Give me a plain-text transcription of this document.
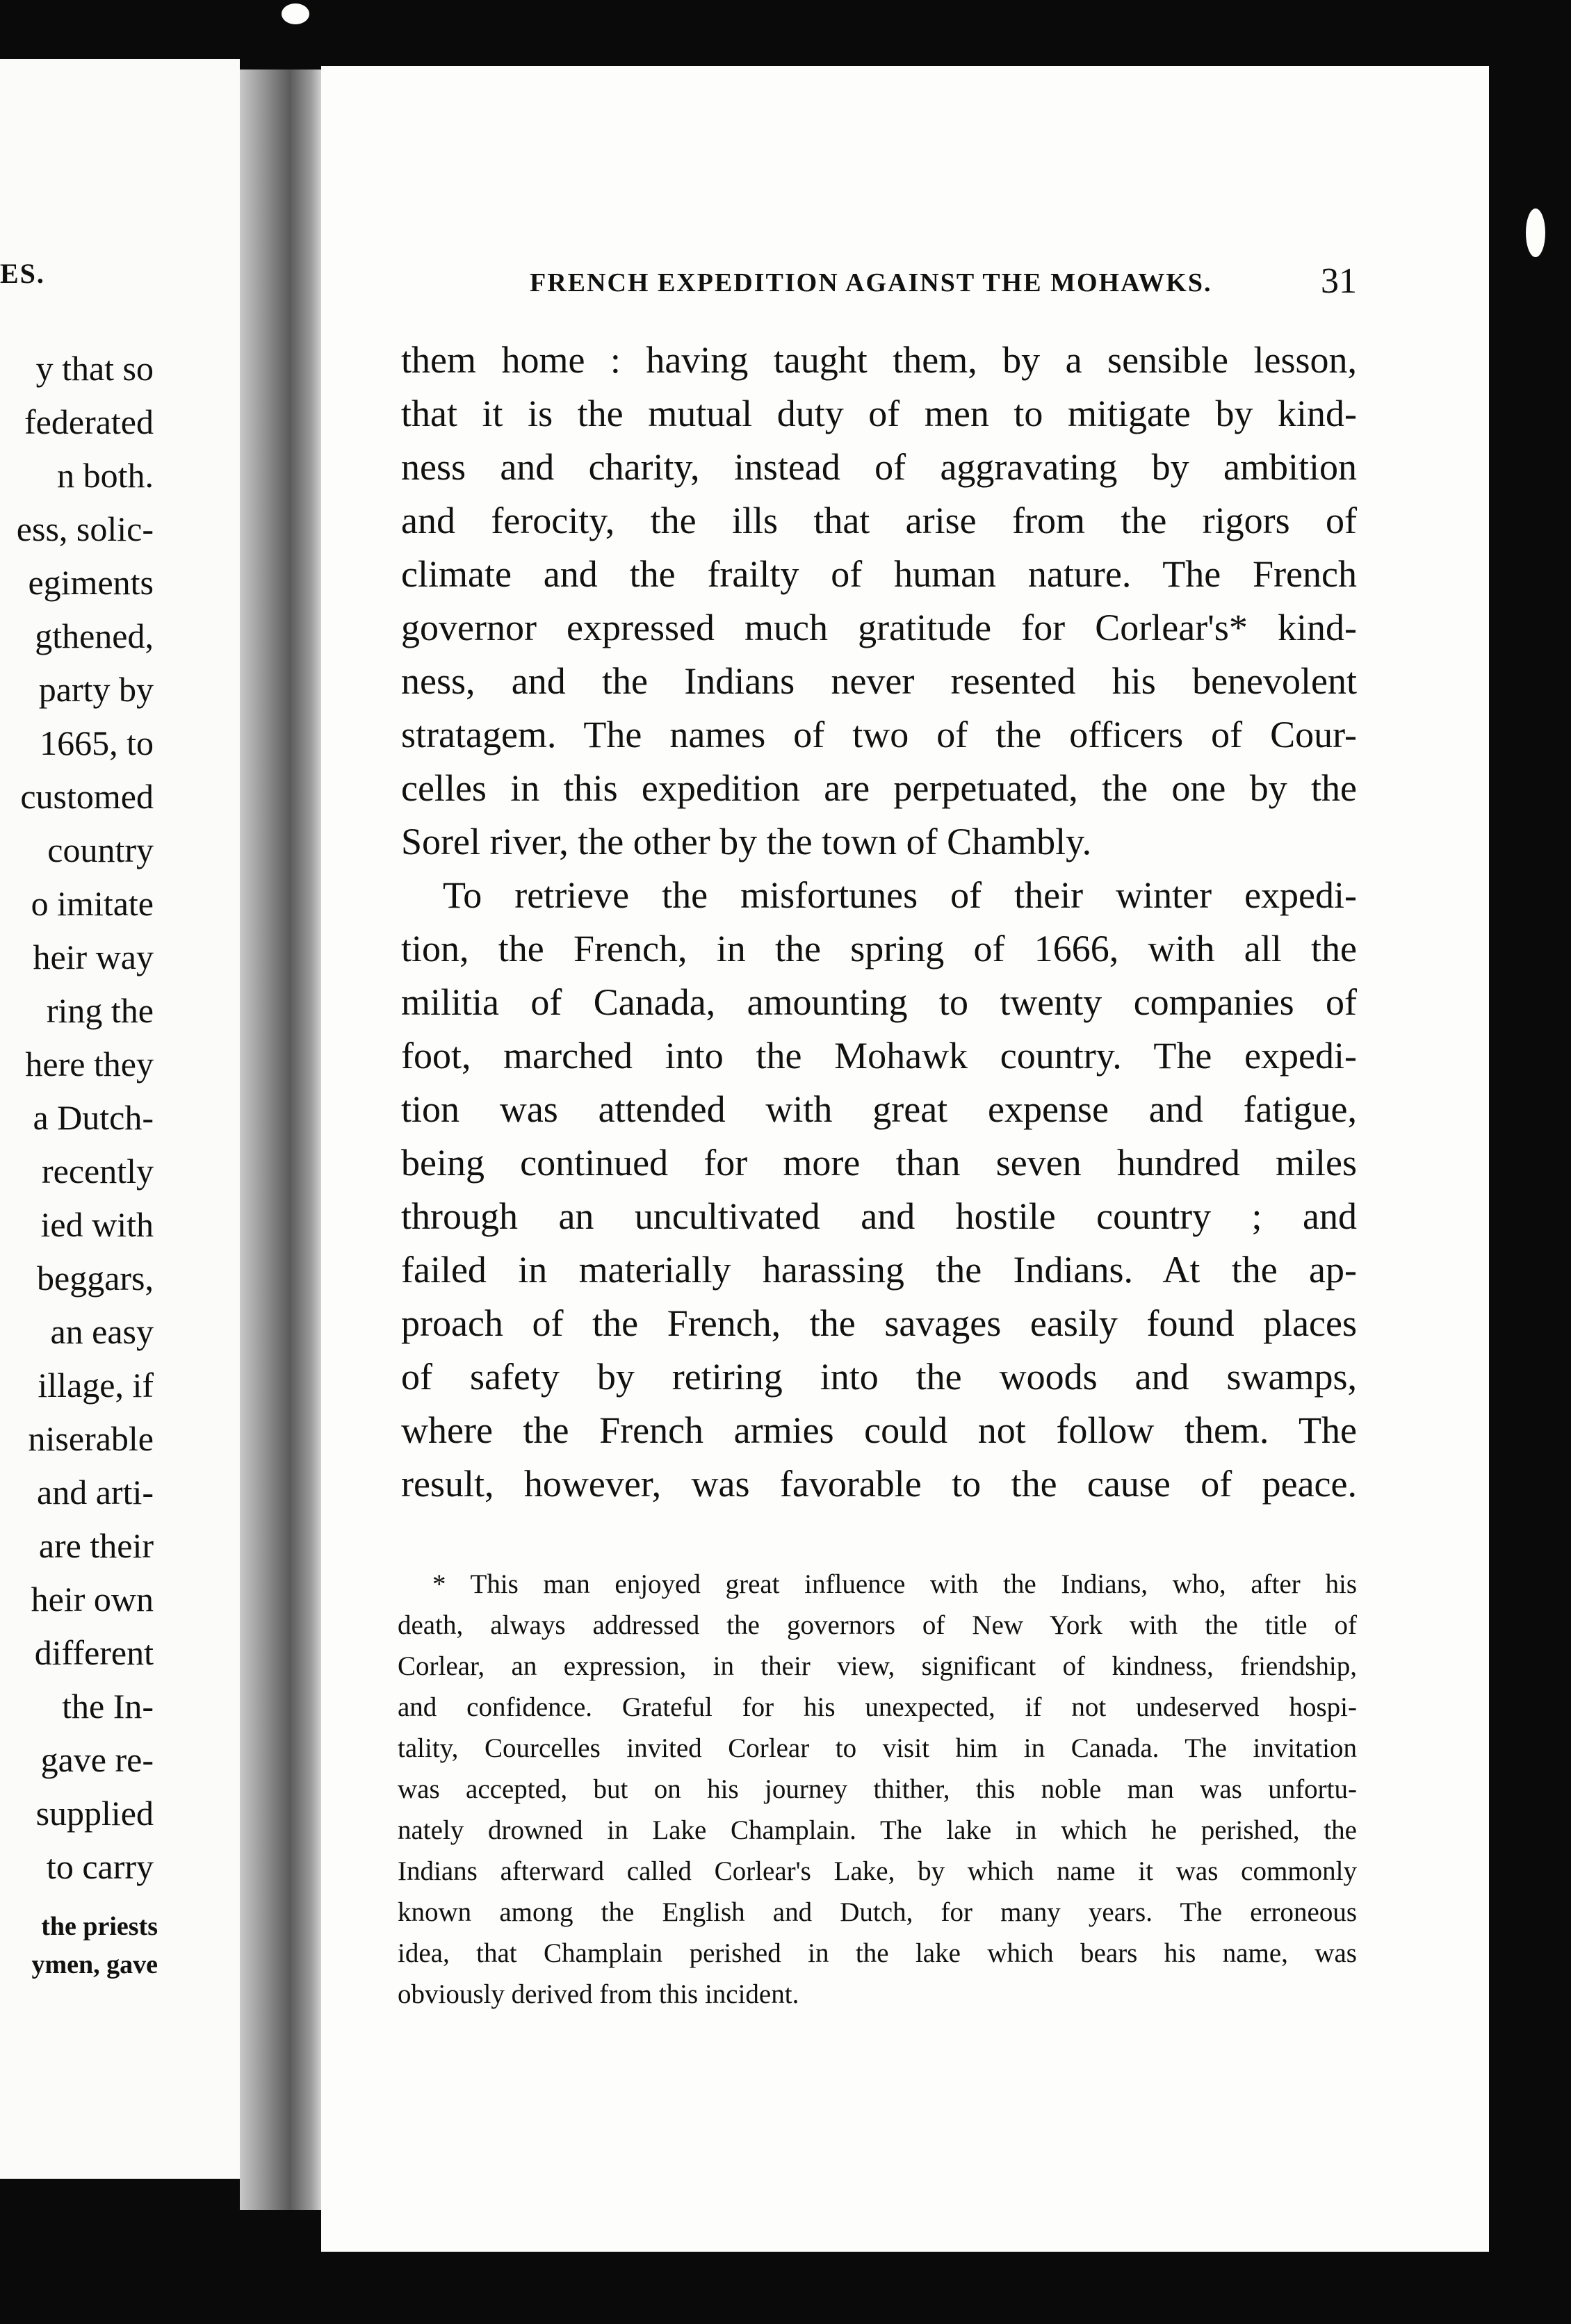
ES.
y that so
federated
n both.
ess, solic-
egiments
gthened,
party by
1665, to
customed
country
o imitate
heir way
ring the
here they
a Dutch-
recently
ied with
beggars,
an easy
illage, if
niserable
and arti-
are their
heir own
different
the In-
gave re-
supplied
to carry
the priests
ymen, gave
FRENCH EXPEDITION AGAINST THE MOHAWKS.	31
them home : having taught them, by a sensible lesson,
that it is the mutual duty of men to mitigate by kind-
ness and charity, instead of aggravating by ambition
and ferocity, the ills that arise from the rigors of
climate and the frailty of human nature. The French
governor expressed much gratitude for Corlear's* kind-
ness, and the Indians never resented his benevolent
stratagem. The names of two of the officers of Cour-
celles in this expedition are perpetuated, the one by the
Sorel river, the other by the town of Chambly.
To retrieve the misfortunes of their winter expedi-
tion, the French, in the spring of 1666, with all the
militia of Canada, amounting to twenty companies of
foot, marched into the Mohawk country. The expedi-
tion was attended with great expense and fatigue,
being continued for more than seven hundred miles
through an uncultivated and hostile country ; and
failed in materially harassing the Indians. At the ap-
proach of the French, the savages easily found places
of safety by retiring into the woods and swamps,
where the French armies could not follow them. The
result, however, was favorable to the cause of peace.
* This man enjoyed great influence with the Indians, who, after his
death, always addressed the governors of New York with the title of
Corlear, an expression, in their view, significant of kindness, friendship,
and confidence. Grateful for his unexpected, if not undeserved hospi-
tality, Courcelles invited Corlear to visit him in Canada. The invitation
was accepted, but on his journey thither, this noble man was unfortu-
nately drowned in Lake Champlain. The lake in which he perished, the
Indians afterward called Corlear's Lake, by which name it was commonly
known among the English and Dutch, for many years. The erroneous
idea, that Champlain perished in the lake which bears his name, was
obviously derived from this incident.
